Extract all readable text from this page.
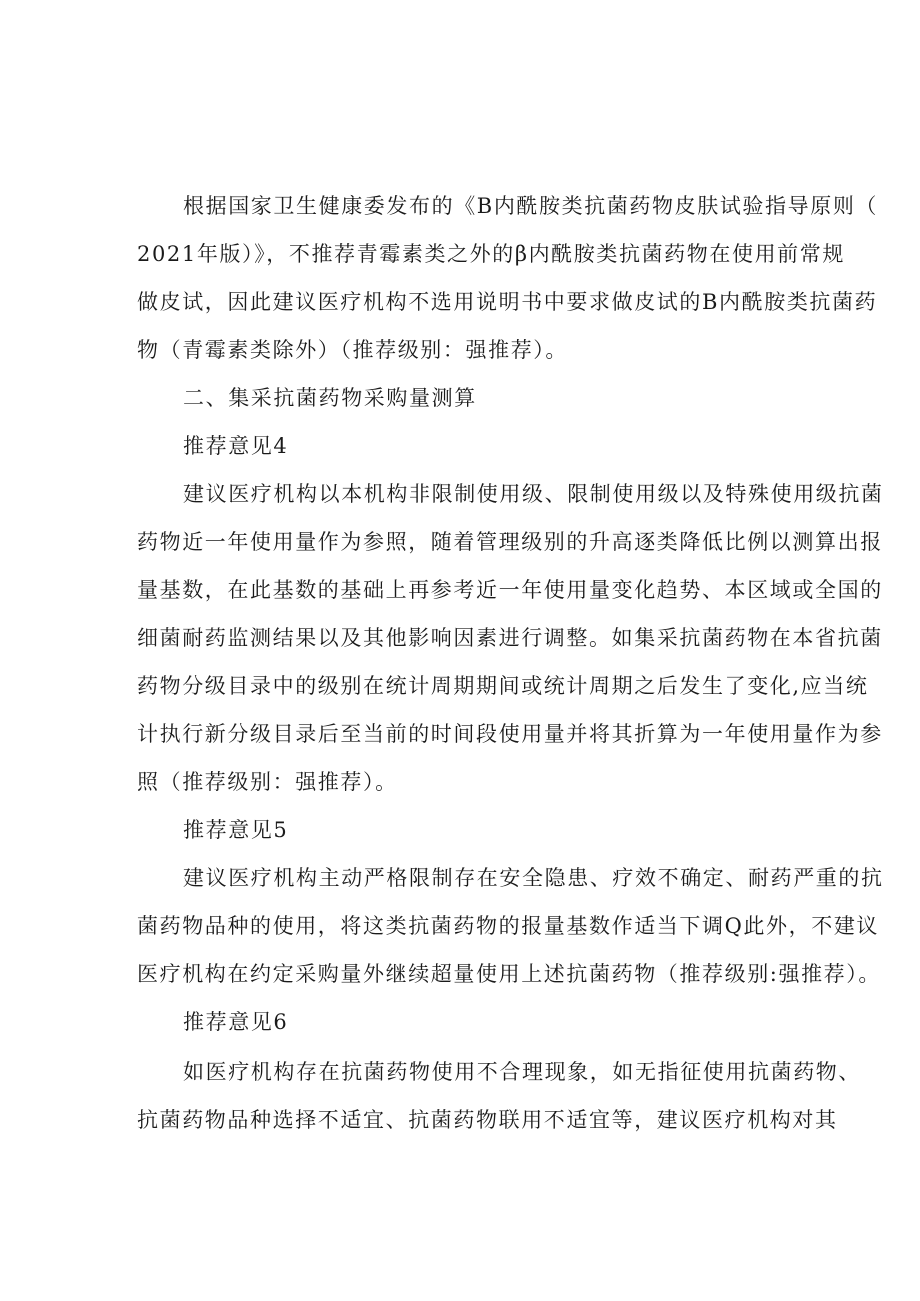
根据国家卫生健康委发布的《B内酰胺类抗菌药物皮肤试验指导原则（
2021年版）》，不推荐青霉素类之外的β内酰胺类抗菌药物在使用前常规
做皮试，因此建议医疗机构不选用说明书中要求做皮试的B内酰胺类抗菌药
物（青霉素类除外）（推荐级别：强推荐）。
二、集采抗菌药物采购量测算
推荐意见4
建议医疗机构以本机构非限制使用级、限制使用级以及特殊使用级抗菌
药物近一年使用量作为参照，随着管理级别的升高逐类降低比例以测算出报
量基数，在此基数的基础上再参考近一年使用量变化趋势、本区域或全国的
细菌耐药监测结果以及其他影响因素进行调整。如集采抗菌药物在本省抗菌
药物分级目录中的级别在统计周期期间或统计周期之后发生了变化,应当统
计执行新分级目录后至当前的时间段使用量并将其折算为一年使用量作为参
照（推荐级别：强推荐）。
推荐意见5
建议医疗机构主动严格限制存在安全隐患、疗效不确定、耐药严重的抗
菌药物品种的使用，将这类抗菌药物的报量基数作适当下调Q此外，不建议
医疗机构在约定采购量外继续超量使用上述抗菌药物（推荐级别:强推荐）。
推荐意见6
如医疗机构存在抗菌药物使用不合理现象，如无指征使用抗菌药物、
抗菌药物品种选择不适宜、抗菌药物联用不适宜等，建议医疗机构对其
